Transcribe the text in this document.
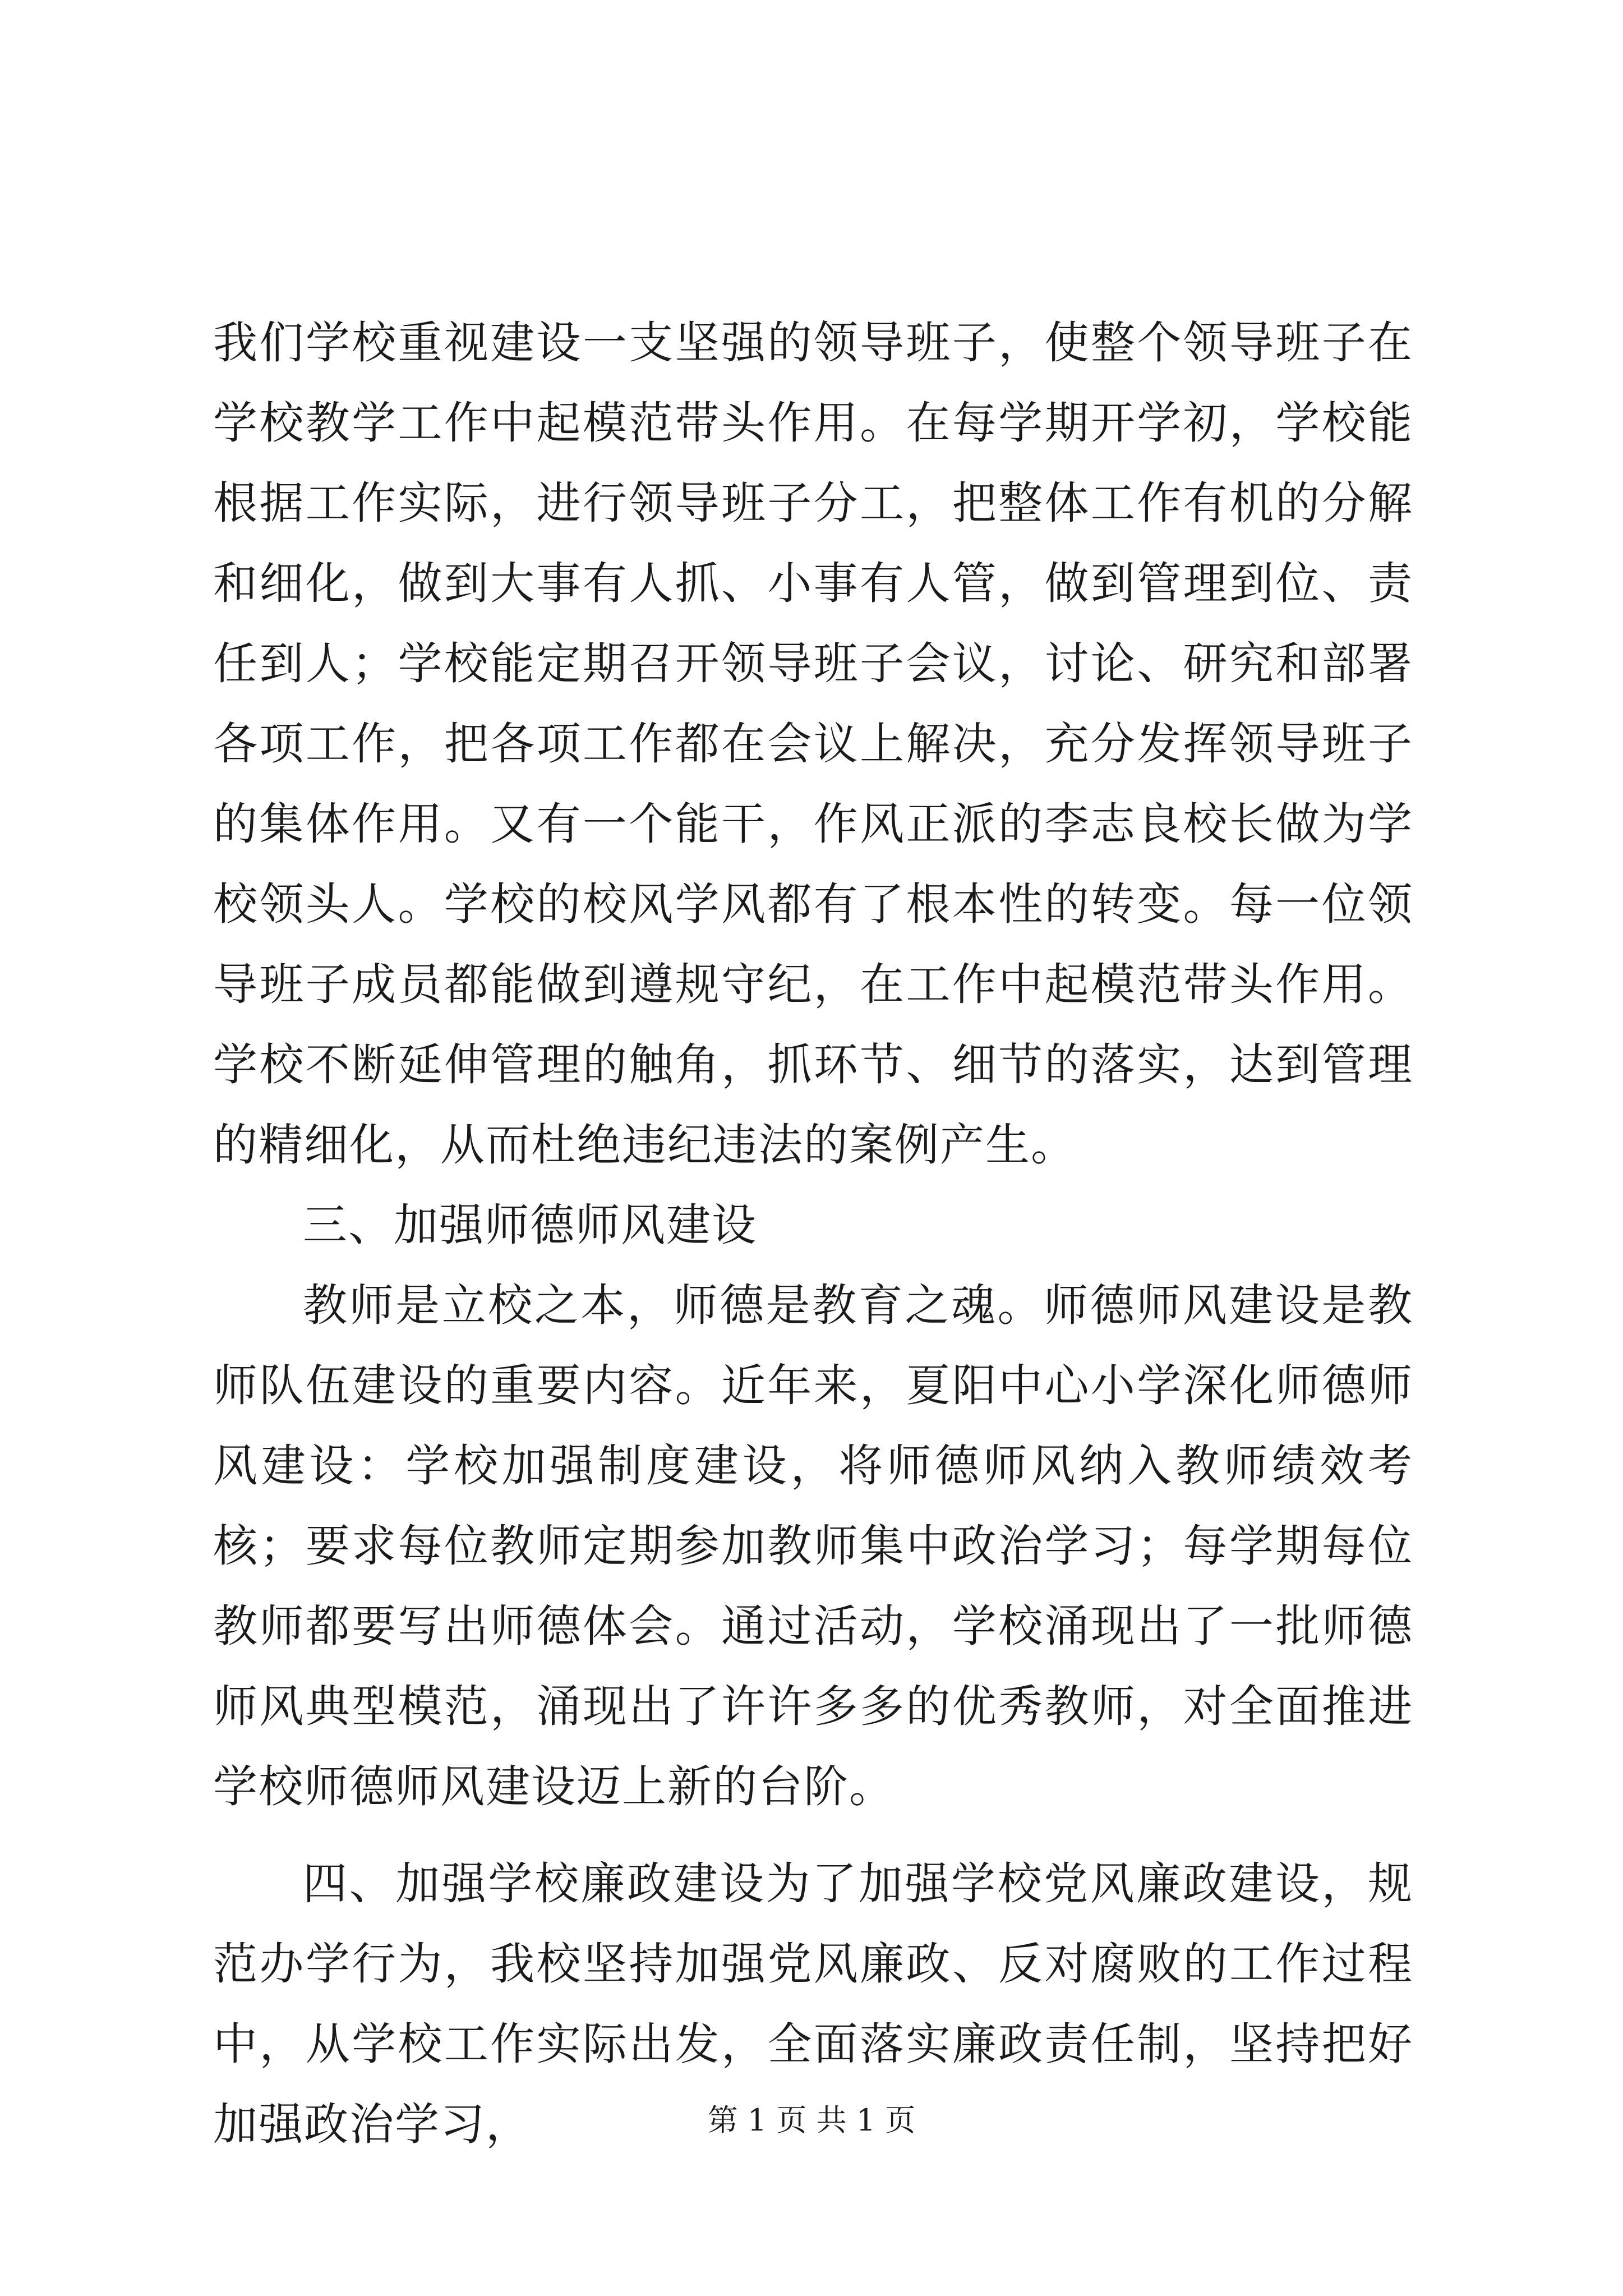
我们学校重视建设一支坚强的领导班子，使整个领导班子在学校教学工作中起模范带头作用。在每学期开学初，学校能根据工作实际，进行领导班子分工，把整体工作有机的分解和细化，做到大事有人抓、小事有人管，做到管理到位、责任到人；学校能定期召开领导班子会议，讨论、研究和部署各项工作，把各项工作都在会议上解决，充分发挥领导班子的集体作用。又有一个能干，作风正派的李志良校长做为学校领头人。学校的校风学风都有了根本性的转变。每一位领导班子成员都能做到遵规守纪，在工作中起模范带头作用。学校不断延伸管理的触角，抓环节、细节的落实，达到管理的精细化，从而杜绝违纪违法的案例产生。

三、加强师德师风建设

教师是立校之本，师德是教育之魂。师德师风建设是教师队伍建设的重要内容。近年来，夏阳中心小学深化师德师风建设：学校加强制度建设，将师德师风纳入教师绩效考核；要求每位教师定期参加教师集中政治学习；每学期每位教师都要写出师德体会。通过活动，学校涌现出了一批师德师风典型模范，涌现出了许许多多的优秀教师，对全面推进学校师德师风建设迈上新的台阶。

四、加强学校廉政建设为了加强学校党风廉政建设，规范办学行为，我校坚持加强党风廉政、反对腐败的工作过程中，从学校工作实际出发，全面落实廉政责任制，坚持把好加强政治学习，	第 1 页 共 1 页
